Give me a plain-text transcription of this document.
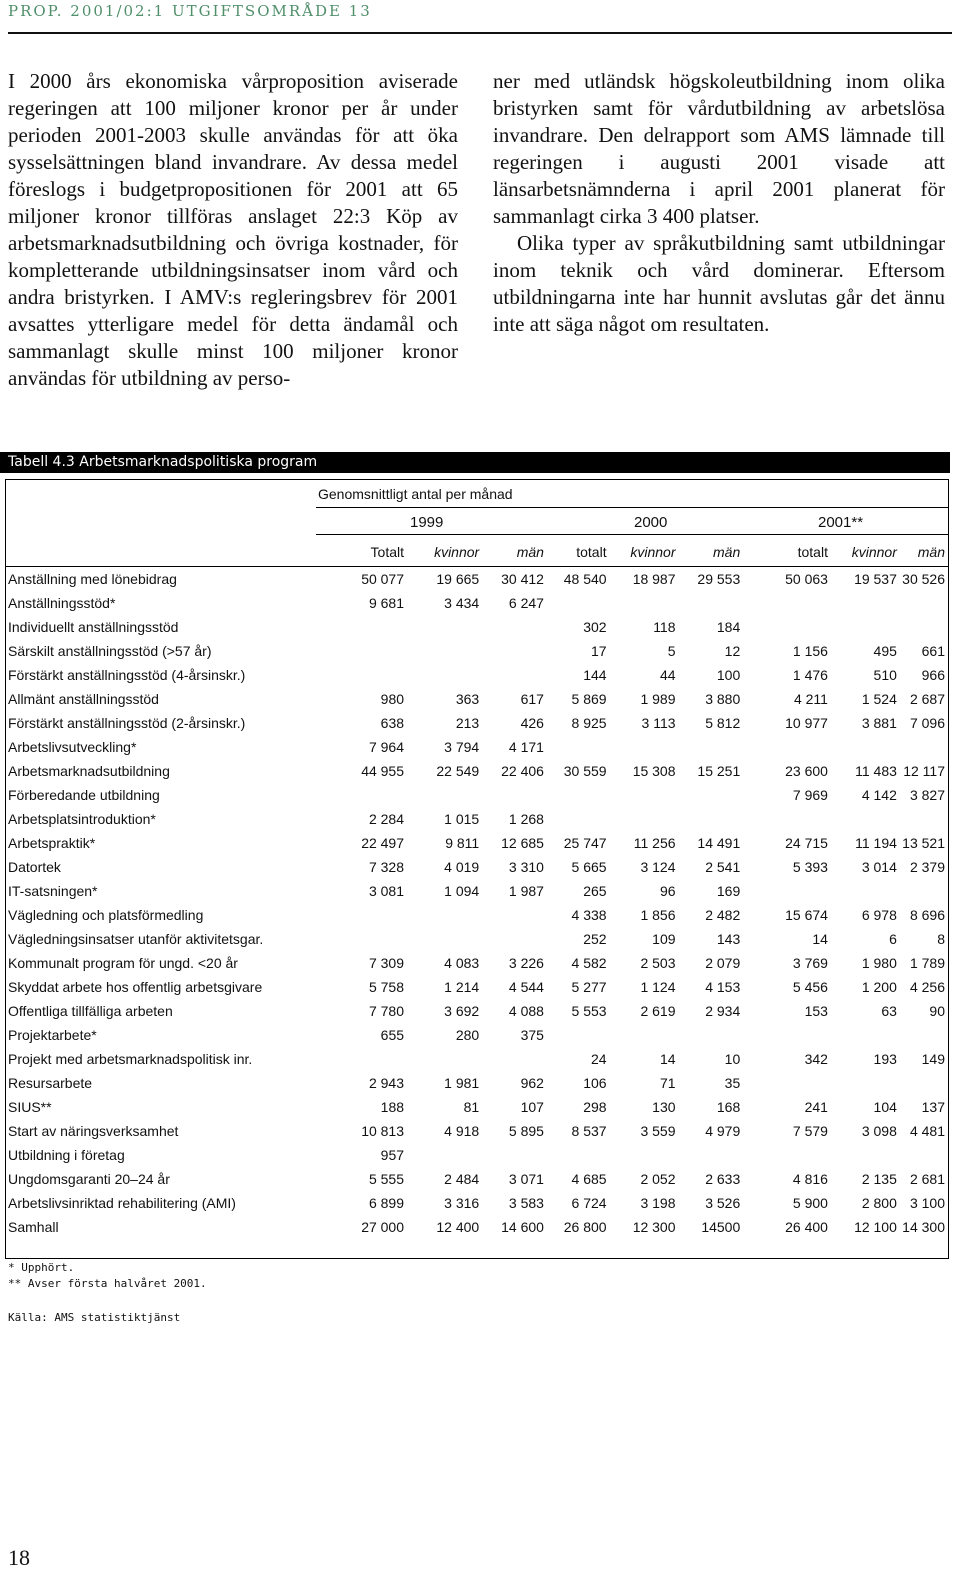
PROP. 2001/02:1 UTGIFTSOMRÅDE 13

I 2000 års ekonomiska vårproposition aviserade regeringen att 100 miljoner kronor per år under perioden 2001-2003 skulle användas för att öka sysselsättningen bland invandrare. Av dessa medel föreslogs i budgetpropositionen för 2001 att 65 miljoner kronor tillföras anslaget 22:3 Köp av arbetsmarknadsutbildning och övriga kostnader, för kompletterande utbildningsinsatser inom vård och andra bristyrken. I AMV:s regleringsbrev för 2001 avsattes ytterligare medel för detta ändamål och sammanlagt skulle minst 100 miljoner kronor användas för utbildning av perso-

ner med utländsk högskoleutbildning inom olika bristyrken samt för vårdutbildning av arbetslösa invandrare. Den delrapport som AMS lämnade till regeringen i augusti 2001 visade att länsarbetsnämnderna i april 2001 planerat för sammanlagt cirka 3 400 platser.

Olika typer av språkutbildning samt utbildningar inom teknik och vård dominerar. Eftersom utbildningarna inte har hunnit avslutas går det ännu inte att säga något om resultaten.

Tabell 4.3 Arbetsmarknadspolitiska program
Genomsnittligt antal per månad
1999	2000	2001**
	Totalt	kvinnor	män	totalt	kvinnor	män	totalt	kvinnor	män
Anställning med lönebidrag	50 077	19 665	30 412	48 540	18 987	29 553	50 063	19 537	30 526
Anställningsstöd*	9 681	3 434	6 247						
Individuellt anställningsstöd				302	118	184			
Särskilt anställningsstöd (>57 år)				17	5	12	1 156	495	661
Förstärkt anställningsstöd (4-årsinskr.)				144	44	100	1 476	510	966
Allmänt anställningsstöd	980	363	617	5 869	1 989	3 880	4 211	1 524	2 687
Förstärkt anställningsstöd (2-årsinskr.)	638	213	426	8 925	3 113	5 812	10 977	3 881	7 096
Arbetslivsutveckling*	7 964	3 794	4 171						
Arbetsmarknadsutbildning	44 955	22 549	22 406	30 559	15 308	15 251	23 600	11 483	12 117
Förberedande utbildning							7 969	4 142	3 827
Arbetsplatsintroduktion*	2 284	1 015	1 268						
Arbetspraktik*	22 497	9 811	12 685	25 747	11 256	14 491	24 715	11 194	13 521
Datortek	7 328	4 019	3 310	5 665	3 124	2 541	5 393	3 014	2 379
IT-satsningen*	3 081	1 094	1 987	265	96	169			
Vägledning och platsförmedling				4 338	1 856	2 482	15 674	6 978	8 696
Vägledningsinsatser utanför aktivitetsgar.				252	109	143	14	6	8
Kommunalt program för ungd. <20 år	7 309	4 083	3 226	4 582	2 503	2 079	3 769	1 980	1 789
Skyddat arbete hos offentlig arbetsgivare	5 758	1 214	4 544	5 277	1 124	4 153	5 456	1 200	4 256
Offentliga tillfälliga arbeten	7 780	3 692	4 088	5 553	2 619	2 934	153	63	90
Projektarbete*	655	280	375						
Projekt med arbetsmarknadspolitisk inr.				24	14	10	342	193	149
Resursarbete	2 943	1 981	962	106	71	35			
SIUS**	188	81	107	298	130	168	241	104	137
Start av näringsverksamhet	10 813	4 918	5 895	8 537	3 559	4 979	7 579	3 098	4 481
Utbildning i företag	957								
Ungdomsgaranti 20–24 år	5 555	2 484	3 071	4 685	2 052	2 633	4 816	2 135	2 681
Arbetslivsinriktad rehabilitering (AMI)	6 899	3 316	3 583	6 724	3 198	3 526	5 900	2 800	3 100
Samhall	27 000	12 400	14 600	26 800	12 300	14500	26 400	12 100	14 300
* Upphört.
** Avser första halvåret 2001.
Källa: AMS statistiktjänst
18
